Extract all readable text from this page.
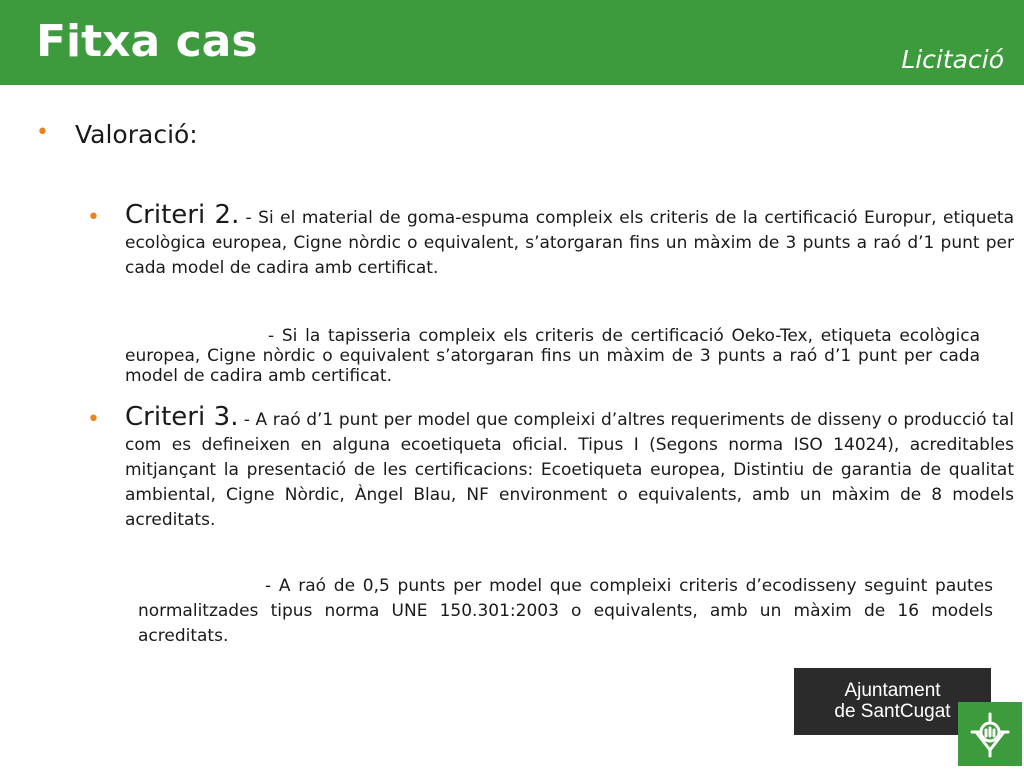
Fitxa cas	Licitació
• Valoració:
• Criteri 2. - Si el material de goma-espuma compleix els criteris de la certificació Europur, etiqueta ecològica europea, Cigne nòrdic o equivalent, s’atorgaran fins un màxim de 3 punts a raó d’1 punt per cada model de cadira amb certificat.
- Si la tapisseria compleix els criteris de certificació Oeko-Tex, etiqueta ecològica europea, Cigne nòrdic o equivalent s’atorgaran fins un màxim de 3 punts a raó d’1 punt per cada model de cadira amb certificat.
• Criteri 3. - A raó d’1 punt per model que compleixi d’altres requeriments de disseny o producció tal com es defineixen en alguna ecoetiqueta oficial. Tipus I (Segons norma ISO 14024), acreditables mitjançant la presentació de les certificacions: Ecoetiqueta europea, Distintiu de garantia de qualitat ambiental, Cigne Nòrdic, Àngel Blau, NF environment o equivalents, amb un màxim de 8 models acreditats.
- A raó de 0,5 punts per model que compleixi criteris d’ecodisseny seguint pautes normalitzades tipus norma UNE 150.301:2003 o equivalents, amb un màxim de 16 models acreditats.
Ajuntament
de SantCugat
